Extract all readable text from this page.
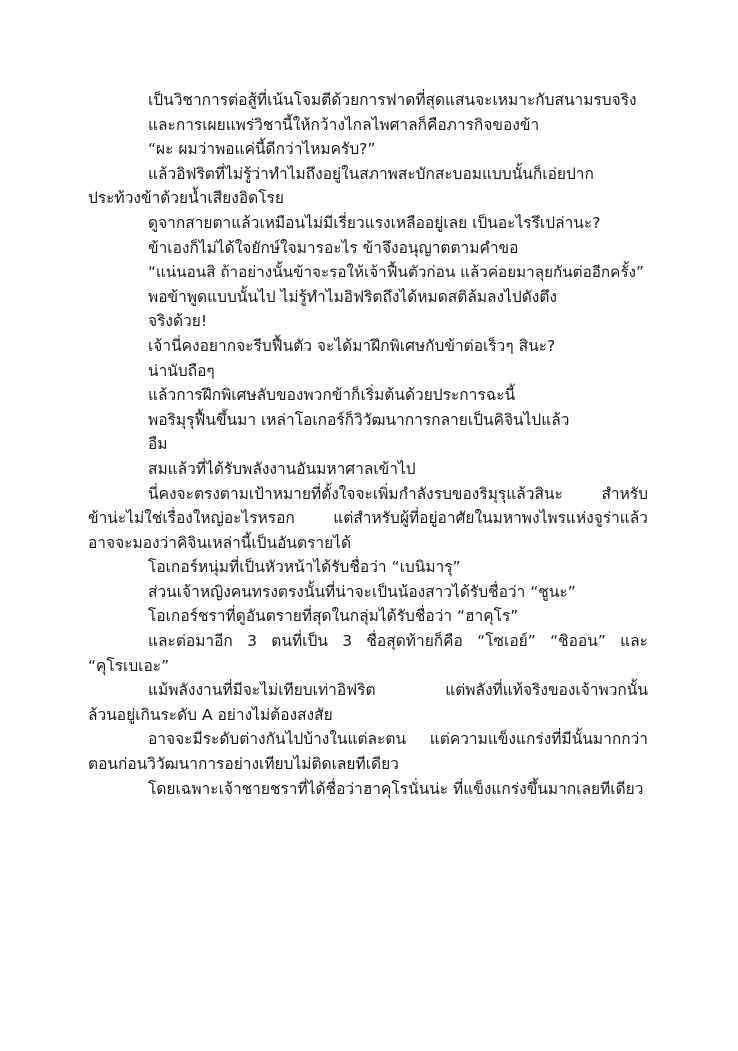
เป็นวิชาการต่อสู้ที่เน้นโจมตีด้วยการฟาดที่สุดแสนจะเหมาะกับสนามรบจริง
และการเผยแพร่วิชานี้ให้กว้างไกลไพศาลก็คือภารกิจของข้า
“ผะ ผมว่าพอแค่นี้ดีกว่าไหมครับ?”
แล้วอิฟริตที่ไม่รู้ว่าทำไมถึงอยู่ในสภาพสะบักสะบอมแบบนั้นก็เอ่ยปาก
ประท้วงข้าด้วยน้ำเสียงอิดโรย
ดูจากสายตาแล้วเหมือนไม่มีเรี่ยวแรงเหลืออยู่เลย เป็นอะไรรึเปล่านะ?
ข้าเองก็ไม่ได้ใจยักษ์ใจมารอะไร ข้าจึงอนุญาตตามคำขอ
“แน่นอนสิ ถ้าอย่างนั้นข้าจะรอให้เจ้าฟื้นตัวก่อน แล้วค่อยมาลุยกันต่ออีกครั้ง”
พอข้าพูดแบบนั้นไป ไม่รู้ทำไมอิฟริตถึงได้หมดสติล้มลงไปดังตึง
จริงด้วย!
เจ้านี่คงอยากจะรีบฟื้นตัว จะได้มาฝึกพิเศษกับข้าต่อเร็วๆ สินะ?
น่านับถือๆ
แล้วการฝึกพิเศษลับของพวกข้าก็เริ่มต้นด้วยประการฉะนี้
พอริมุรุฟื้นขึ้นมา เหล่าโอเกอร์ก็วิวัฒนาการกลายเป็นคิจินไปแล้ว
อืม
สมแล้วที่ได้รับพลังงานอันมหาศาลเข้าไป
นี่คงจะตรงตามเป้าหมายที่ตั้งใจจะเพิ่มกำลังรบของริมุรุแล้วสินะ สำหรับ
ข้าน่ะไม่ใช่เรื่องใหญ่อะไรหรอก แต่สำหรับผู้ที่อยู่อาศัยในมหาพงไพรแห่งจูร่าแล้ว
อาจจะมองว่าคิจินเหล่านี้เป็นอันตรายได้
โอเกอร์หนุ่มที่เป็นหัวหน้าได้รับชื่อว่า “เบนิมารุ”
ส่วนเจ้าหญิงคนทรงตรงนั้นที่น่าจะเป็นน้องสาวได้รับชื่อว่า “ชูนะ”
โอเกอร์ชราที่ดูอันตรายที่สุดในกลุ่มได้รับชื่อว่า “ฮาคุโร”
และต่อมาอีก 3 ตนที่เป็น 3 ชื่อสุดท้ายก็คือ “โซเอย์” “ชิออน” และ
“คุโรเบเอะ”
แม้พลังงานที่มีจะไม่เทียบเท่าอิฟริต แต่พลังที่แท้จริงของเจ้าพวกนั้น
ล้วนอยู่เกินระดับ A อย่างไม่ต้องสงสัย
อาจจะมีระดับต่างกันไปบ้างในแต่ละตน แต่ความแข็งแกร่งที่มีนั้นมากกว่า
ตอนก่อนวิวัฒนาการอย่างเทียบไม่ติดเลยทีเดียว
โดยเฉพาะเจ้าชายชราที่ได้ชื่อว่าฮาคุโรนั่นน่ะ ที่แข็งแกร่งขึ้นมากเลยทีเดียว
